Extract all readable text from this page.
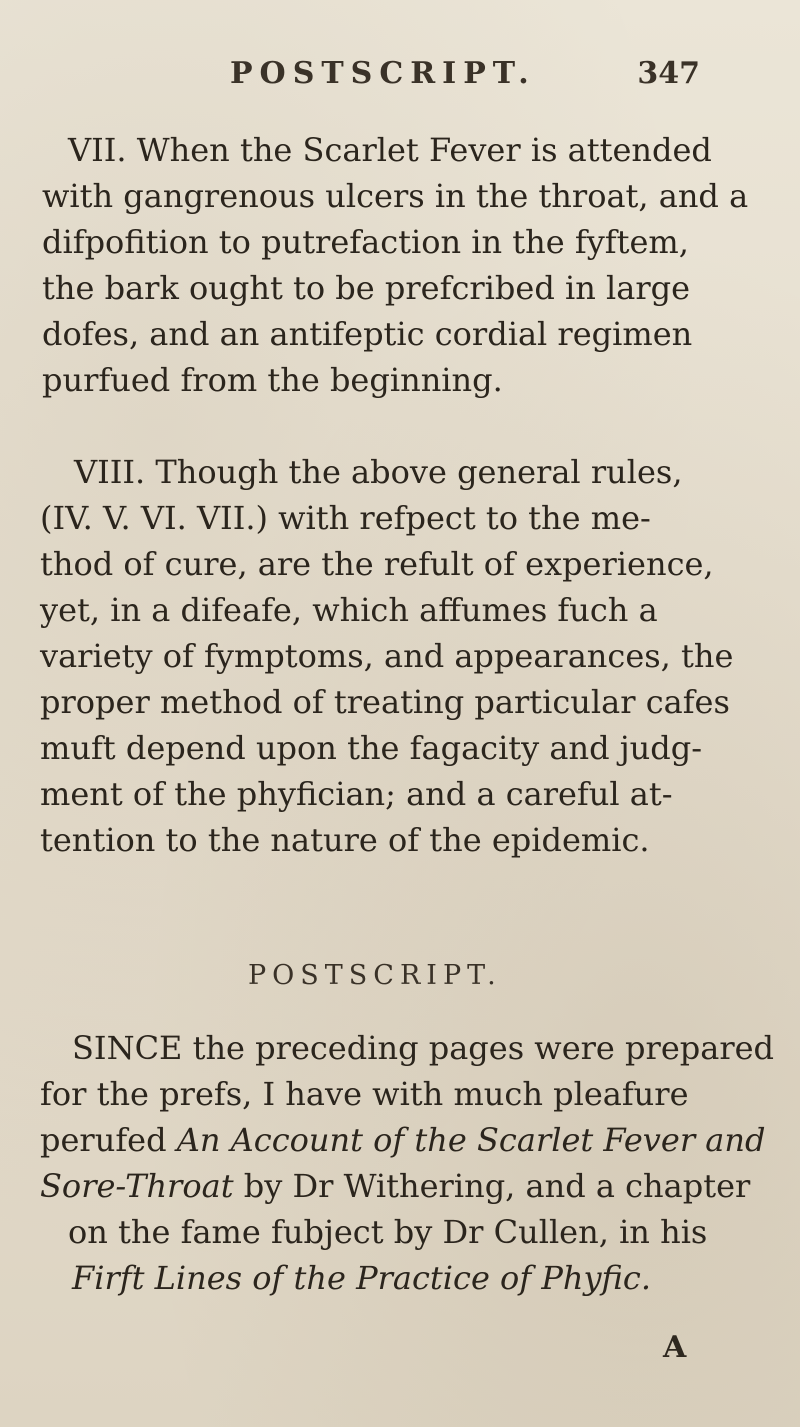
POSTSCRIPT.	347
VII. When the Scarlet Fever is attended
with gangrenous ulcers in the throat, and a
difpofition to putrefaction in the fyftem,
the bark ought to be prefcribed in large
dofes, and an antifeptic cordial regimen
purfued from the beginning.
VIII. Though the above general rules,
(IV. V. VI. VII.) with refpect to the me-
thod of cure, are the refult of experience,
yet, in a difeafe, which affumes fuch a
variety of fymptoms, and appearances, the
proper method of treating particular cafes
muft depend upon the fagacity and judg-
ment of the phyfician; and a careful at-
tention to the nature of the epidemic.
POSTSCRIPT.
SINCE the preceding pages were prepared
for the prefs, I have with much pleafure
perufed An Account of the Scarlet Fever and
Sore-Throat by Dr Withering, and a chapter
on the fame fubject by Dr Cullen, in his
Firft Lines of the Practice of Phyfic.
A
